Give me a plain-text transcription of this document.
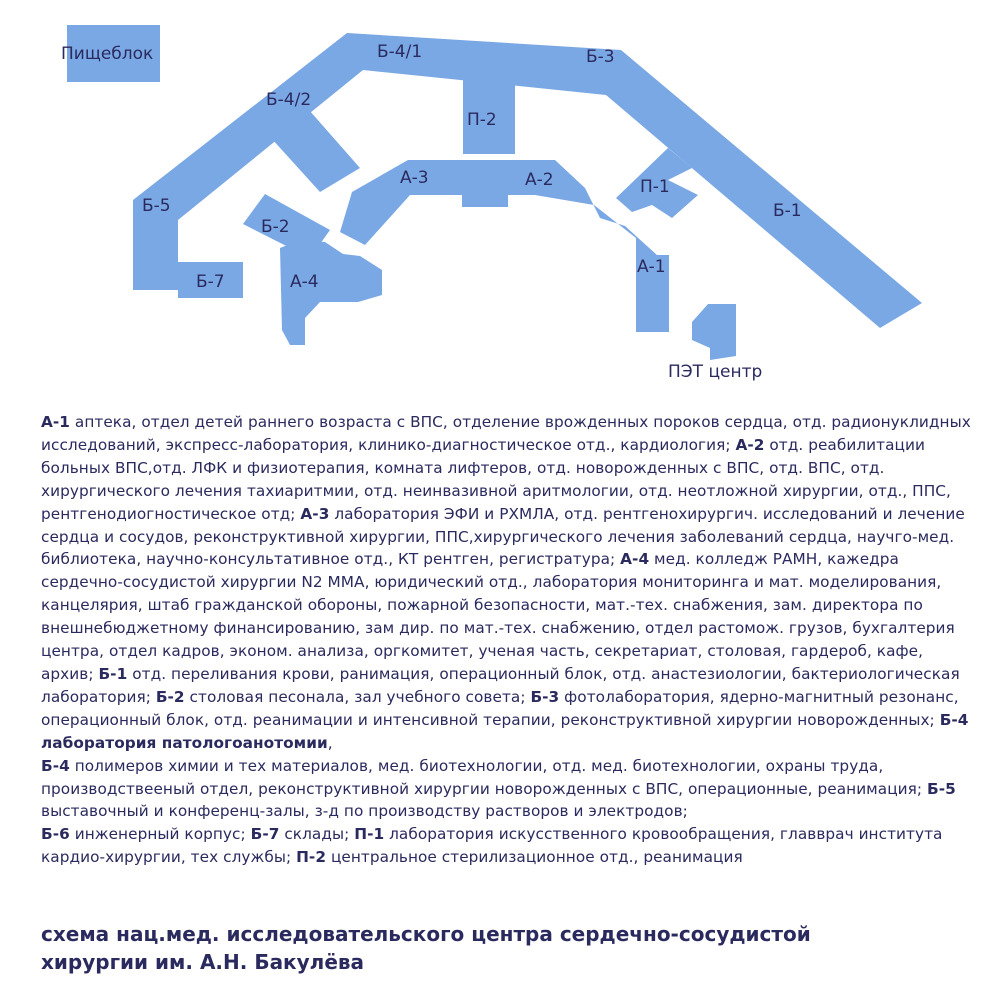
Пищеблок	Б-4/1	Б-3
Б-4/2
П-2
А-3	А-2	П-1
Б-5	Б-1
Б-2
А-1
Б-7	А-4
ПЭТ центр
А-1 аптека, отдел детей раннего возраста с ВПС, отделение врожденных пороков сердца, отд. радионуклидных исследований, экспресс-лаборатория, клинико-диагностическое отд., кардиология; А-2 отд. реабилитации больных ВПС,отд. ЛФК и физиотерапия, комната лифтеров, отд. новорожденных с ВПС, отд. ВПС, отд. хирургического лечения тахиаритмии, отд. неинвазивной аритмологии, отд. неотложной хирургии, отд., ППС, рентгенодиогностическое отд; А-3 лаборатория ЭФИ и РХМЛА, отд. рентгенохирургич. исследований и лечение сердца и сосудов, реконструктивной хирургии, ППС,хирургического лечения заболеваний сердца, научго-мед. библиотека, научно-консультативное отд., КТ рентген, регистратура; А-4 мед. колледж РАМН, кажедра сердечно-сосудистой хирургии N2 ММА, юридический отд., лаборатория мониторинга и мат. моделирования, канцелярия, штаб гражданской обороны, пожарной безопасности, мат.-тех. снабжения, зам. директора по внешнебюджетному финансированию, зам дир. по мат.-тех. снабжению, отдел растомож. грузов, бухгалтерия центра, отдел кадров, эконом. анализа, оргкомитет, ученая часть, секретариат, столовая, гардероб, кафе, архив; Б-1 отд. переливания крови, ранимация, операционный блок, отд. анастезиологии, бактериологическая лаборатория; Б-2 столовая песонала, зал учебного совета; Б-3 фотолаборатория, ядерно-магнитный резонанс, операционный блок, отд. реанимации и интенсивной терапии, реконструктивной хирургии новорожденных; Б-4 лаборатория патологоанотомии,
Б-4 полимеров химии и тех материалов, мед. биотехнологии, отд. мед. биотехнологии, охраны труда, производствееный отдел, реконструктивной хирургии новорожденных с ВПС, операционные, реанимация; Б-5 выставочный и конференц-залы, з-д по производству растворов и электродов;
Б-6 инженерный корпус; Б-7 склады; П-1 лаборатория искусственного кровообращения, главврач института кардио-хирургии, тех службы; П-2 центральное стерилизационное отд., реанимация
схема нац.мед. исследовательского центра сердечно-сосудистой
хирургии им. А.Н. Бакулёва
